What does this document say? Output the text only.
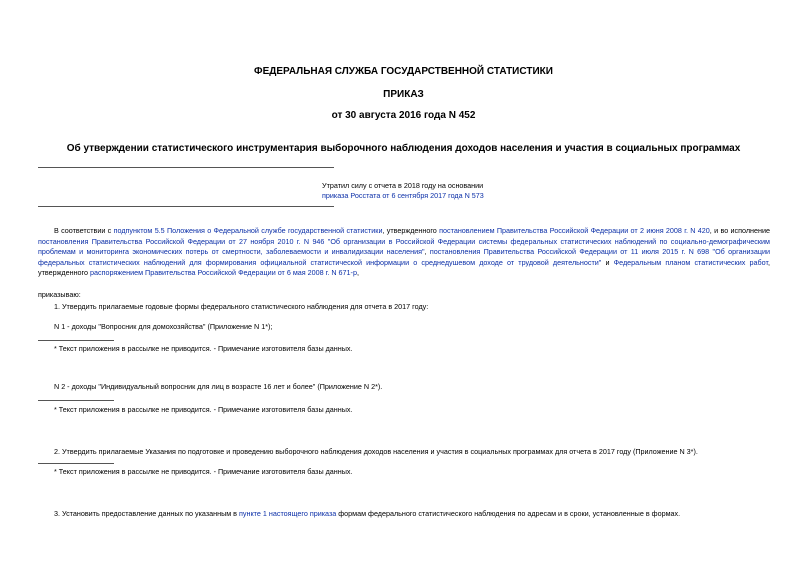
ФЕДЕРАЛЬНАЯ СЛУЖБА ГОСУДАРСТВЕННОЙ СТАТИСТИКИ
ПРИКАЗ
от 30 августа 2016 года N 452
Об утверждении статистического инструментария выборочного наблюдения доходов населения и участия в социальных программах
Утратил силу с отчета в 2018 году на основании
приказа Росстата от 6 сентября 2017 года N 573
В соответствии с подпунктом 5.5 Положения о Федеральной службе государственной статистики, утвержденного постановлением Правительства Российской Федерации от 2 июня 2008 г. N 420, и во исполнение постановления Правительства Российской Федерации от 27 ноября 2010 г. N 946 "Об организации в Российской Федерации системы федеральных статистических наблюдений по социально-демографическим проблемам и мониторинга экономических потерь от смертности, заболеваемости и инвалидизации населения", постановления Правительства Российской Федерации от 11 июля 2015 г. N 698 "Об организации федеральных статистических наблюдений для формирования официальной статистической информации о среднедушевом доходе от трудовой деятельности" и Федеральным планом статистических работ, утвержденного распоряжением Правительства Российской Федерации от 6 мая 2008 г. N 671-р,
приказываю:
1. Утвердить прилагаемые годовые формы федерального статистического наблюдения для отчета в 2017 году:
N 1 - доходы "Вопросник для домохозяйства" (Приложение N 1*);
* Текст приложения в рассылке не приводится. - Примечание изготовителя базы данных.
N 2 - доходы "Индивидуальный вопросник для лиц в возрасте 16 лет и более" (Приложение N 2*).
* Текст приложения в рассылке не приводится. - Примечание изготовителя базы данных.
2. Утвердить прилагаемые Указания по подготовке и проведению выборочного наблюдения доходов населения и участия в социальных программах для отчета в 2017 году (Приложение N 3*).
* Текст приложения в рассылке не приводится. - Примечание изготовителя базы данных.
3. Установить предоставление данных по указанным в пункте 1 настоящего приказа формам федерального статистического наблюдения по адресам и в сроки, установленные в формах.
